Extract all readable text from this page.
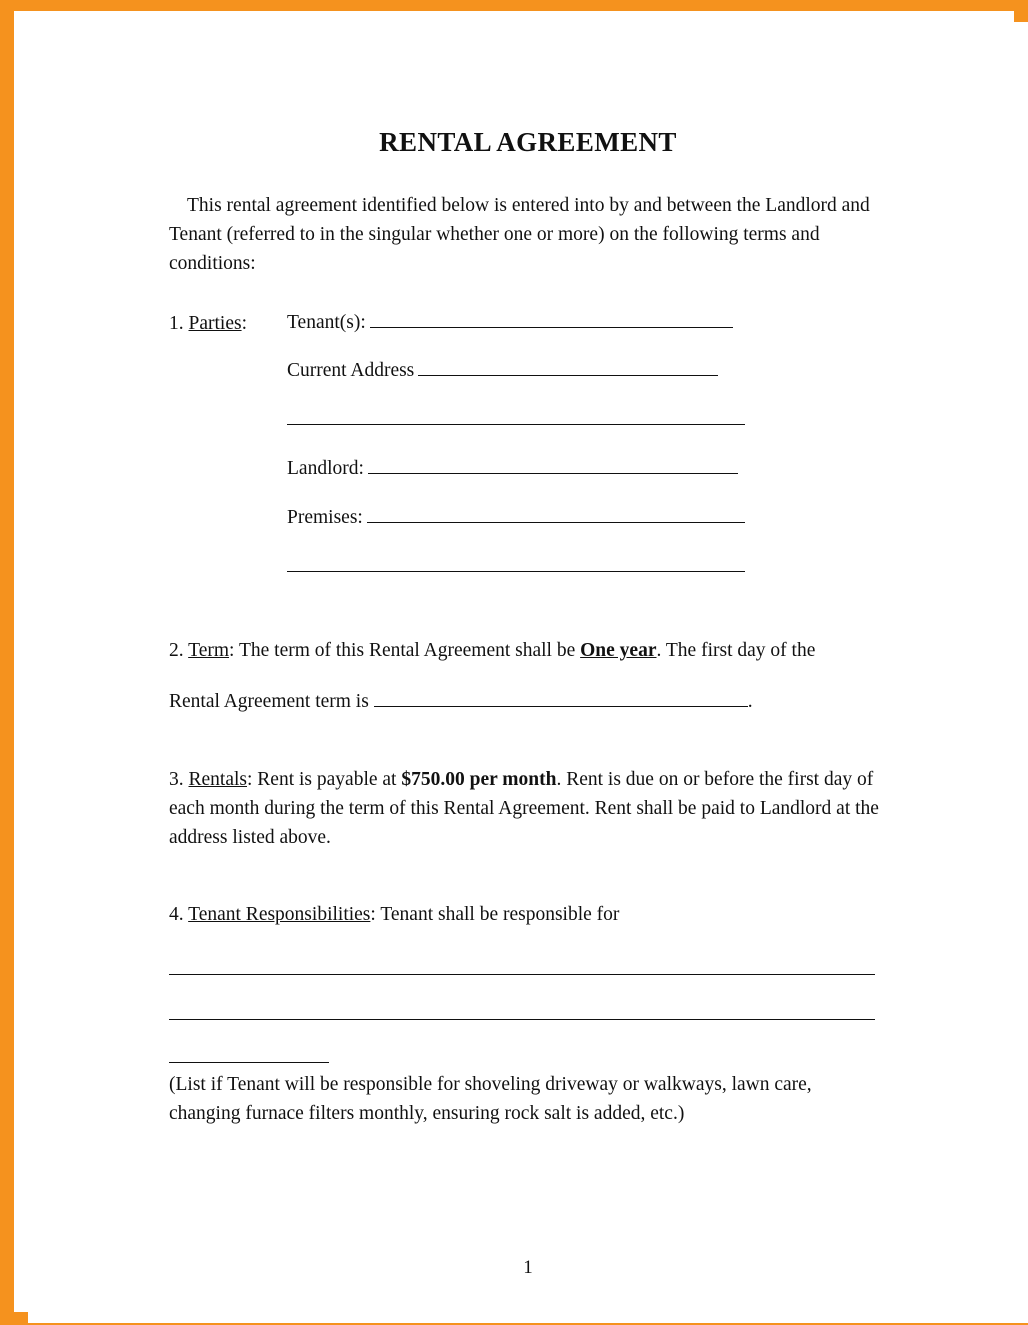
RENTAL AGREEMENT

This rental agreement identified below is entered into by and between the Landlord and Tenant (referred to in the singular whether one or more) on the following terms and conditions:

1. Parties:	Tenant(s):
Current Address
Landlord:
Premises:
2. Term: The term of this Rental Agreement shall be One year. The first day of the
Rental Agreement term is	.
3. Rentals: Rent is payable at $750.00 per month. Rent is due on or before the first day of each month during the term of this Rental Agreement. Rent shall be paid to Landlord at the address listed above.
4. Tenant Responsibilities: Tenant shall be responsible for
(List if Tenant will be responsible for shoveling driveway or walkways, lawn care, changing furnace filters monthly, ensuring rock salt is added, etc.)
1
